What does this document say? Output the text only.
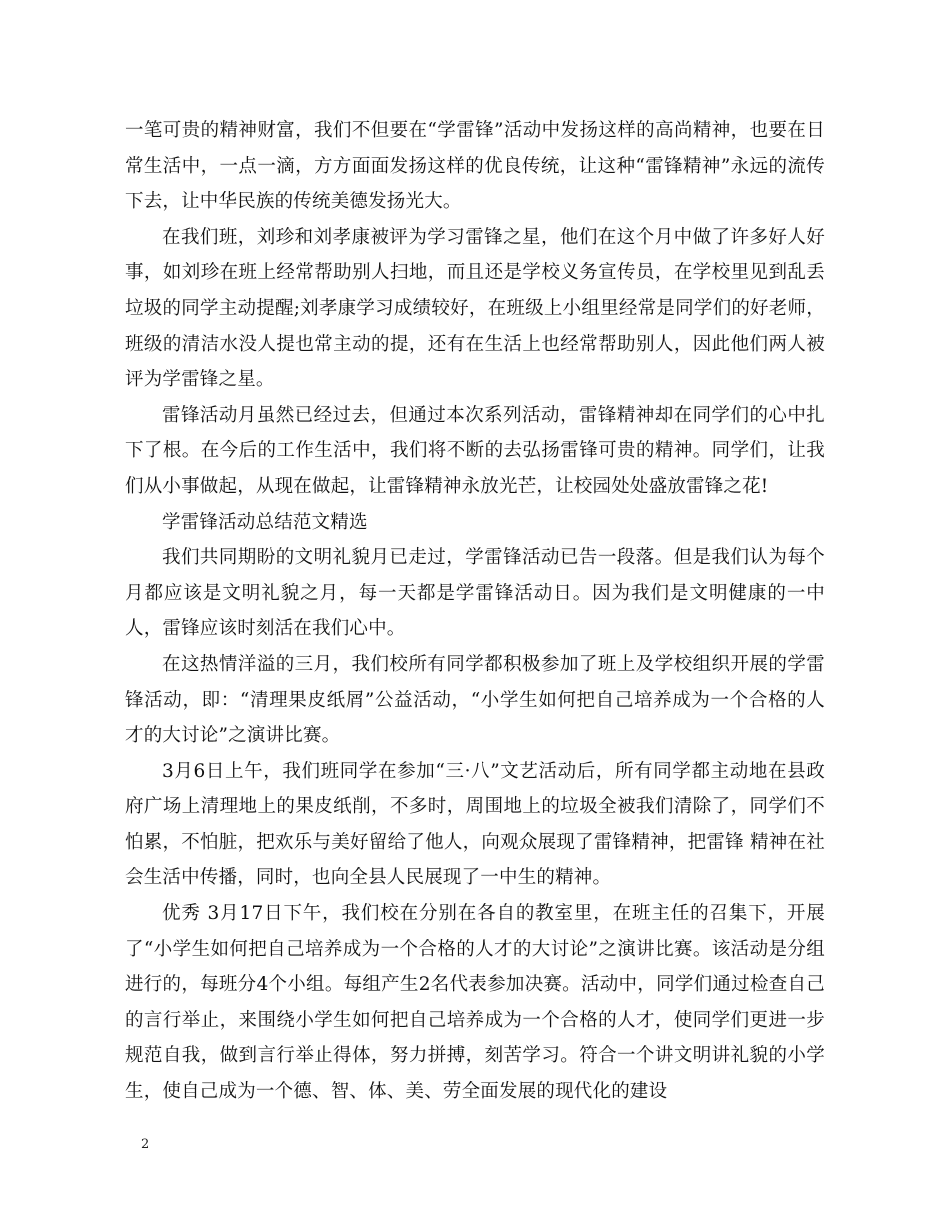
一笔可贵的精神财富，我们不但要在“学雷锋”活动中发扬这样的高尚精神，也要在日常生活中，一点一滴，方方面面发扬这样的优良传统，让这种“雷锋精神”永远的流传下去，让中华民族的传统美德发扬光大。

在我们班，刘珍和刘孝康被评为学习雷锋之星，他们在这个月中做了许多好人好事，如刘珍在班上经常帮助别人扫地，而且还是学校义务宣传员，在学校里见到乱丢垃圾的同学主动提醒;刘孝康学习成绩较好，在班级上小组里经常是同学们的好老师，班级的清洁水没人提也常主动的提，还有在生活上也经常帮助别人，因此他们两人被评为学雷锋之星。

雷锋活动月虽然已经过去，但通过本次系列活动，雷锋精神却在同学们的心中扎下了根。在今后的工作生活中，我们将不断的去弘扬雷锋可贵的精神。同学们，让我们从小事做起，从现在做起，让雷锋精神永放光芒，让校园处处盛放雷锋之花!

学雷锋活动总结范文精选

我们共同期盼的文明礼貌月已走过，学雷锋活动已告一段落。但是我们认为每个月都应该是文明礼貌之月，每一天都是学雷锋活动日。因为我们是文明健康的一中人，雷锋应该时刻活在我们心中。

在这热情洋溢的三月，我们校所有同学都积极参加了班上及学校组织开展的学雷锋活动，即：“清理果皮纸屑”公益活动，“小学生如何把自己培养成为一个合格的人才的大讨论”之演讲比赛。

3月6日上午，我们班同学在参加“三·八”文艺活动后，所有同学都主动地在县政府广场上清理地上的果皮纸削，不多时，周围地上的垃圾全被我们清除了，同学们不怕累，不怕脏，把欢乐与美好留给了他人，向观众展现了雷锋精神，把雷锋 精神在社会生活中传播，同时，也向全县人民展现了一中生的精神。

优秀 3月17日下午，我们校在分别在各自的教室里，在班主任的召集下，开展了“小学生如何把自己培养成为一个合格的人才的大讨论”之演讲比赛。该活动是分组进行的，每班分4个小组。每组产生2名代表参加决赛。活动中，同学们通过检查自己的言行举止，来围绕小学生如何把自己培养成为一个合格的人才，使同学们更进一步规范自我，做到言行举止得体，努力拼搏，刻苦学习。符合一个讲文明讲礼貌的小学生，使自己成为一个德、智、体、美、劳全面发展的现代化的建设

2
